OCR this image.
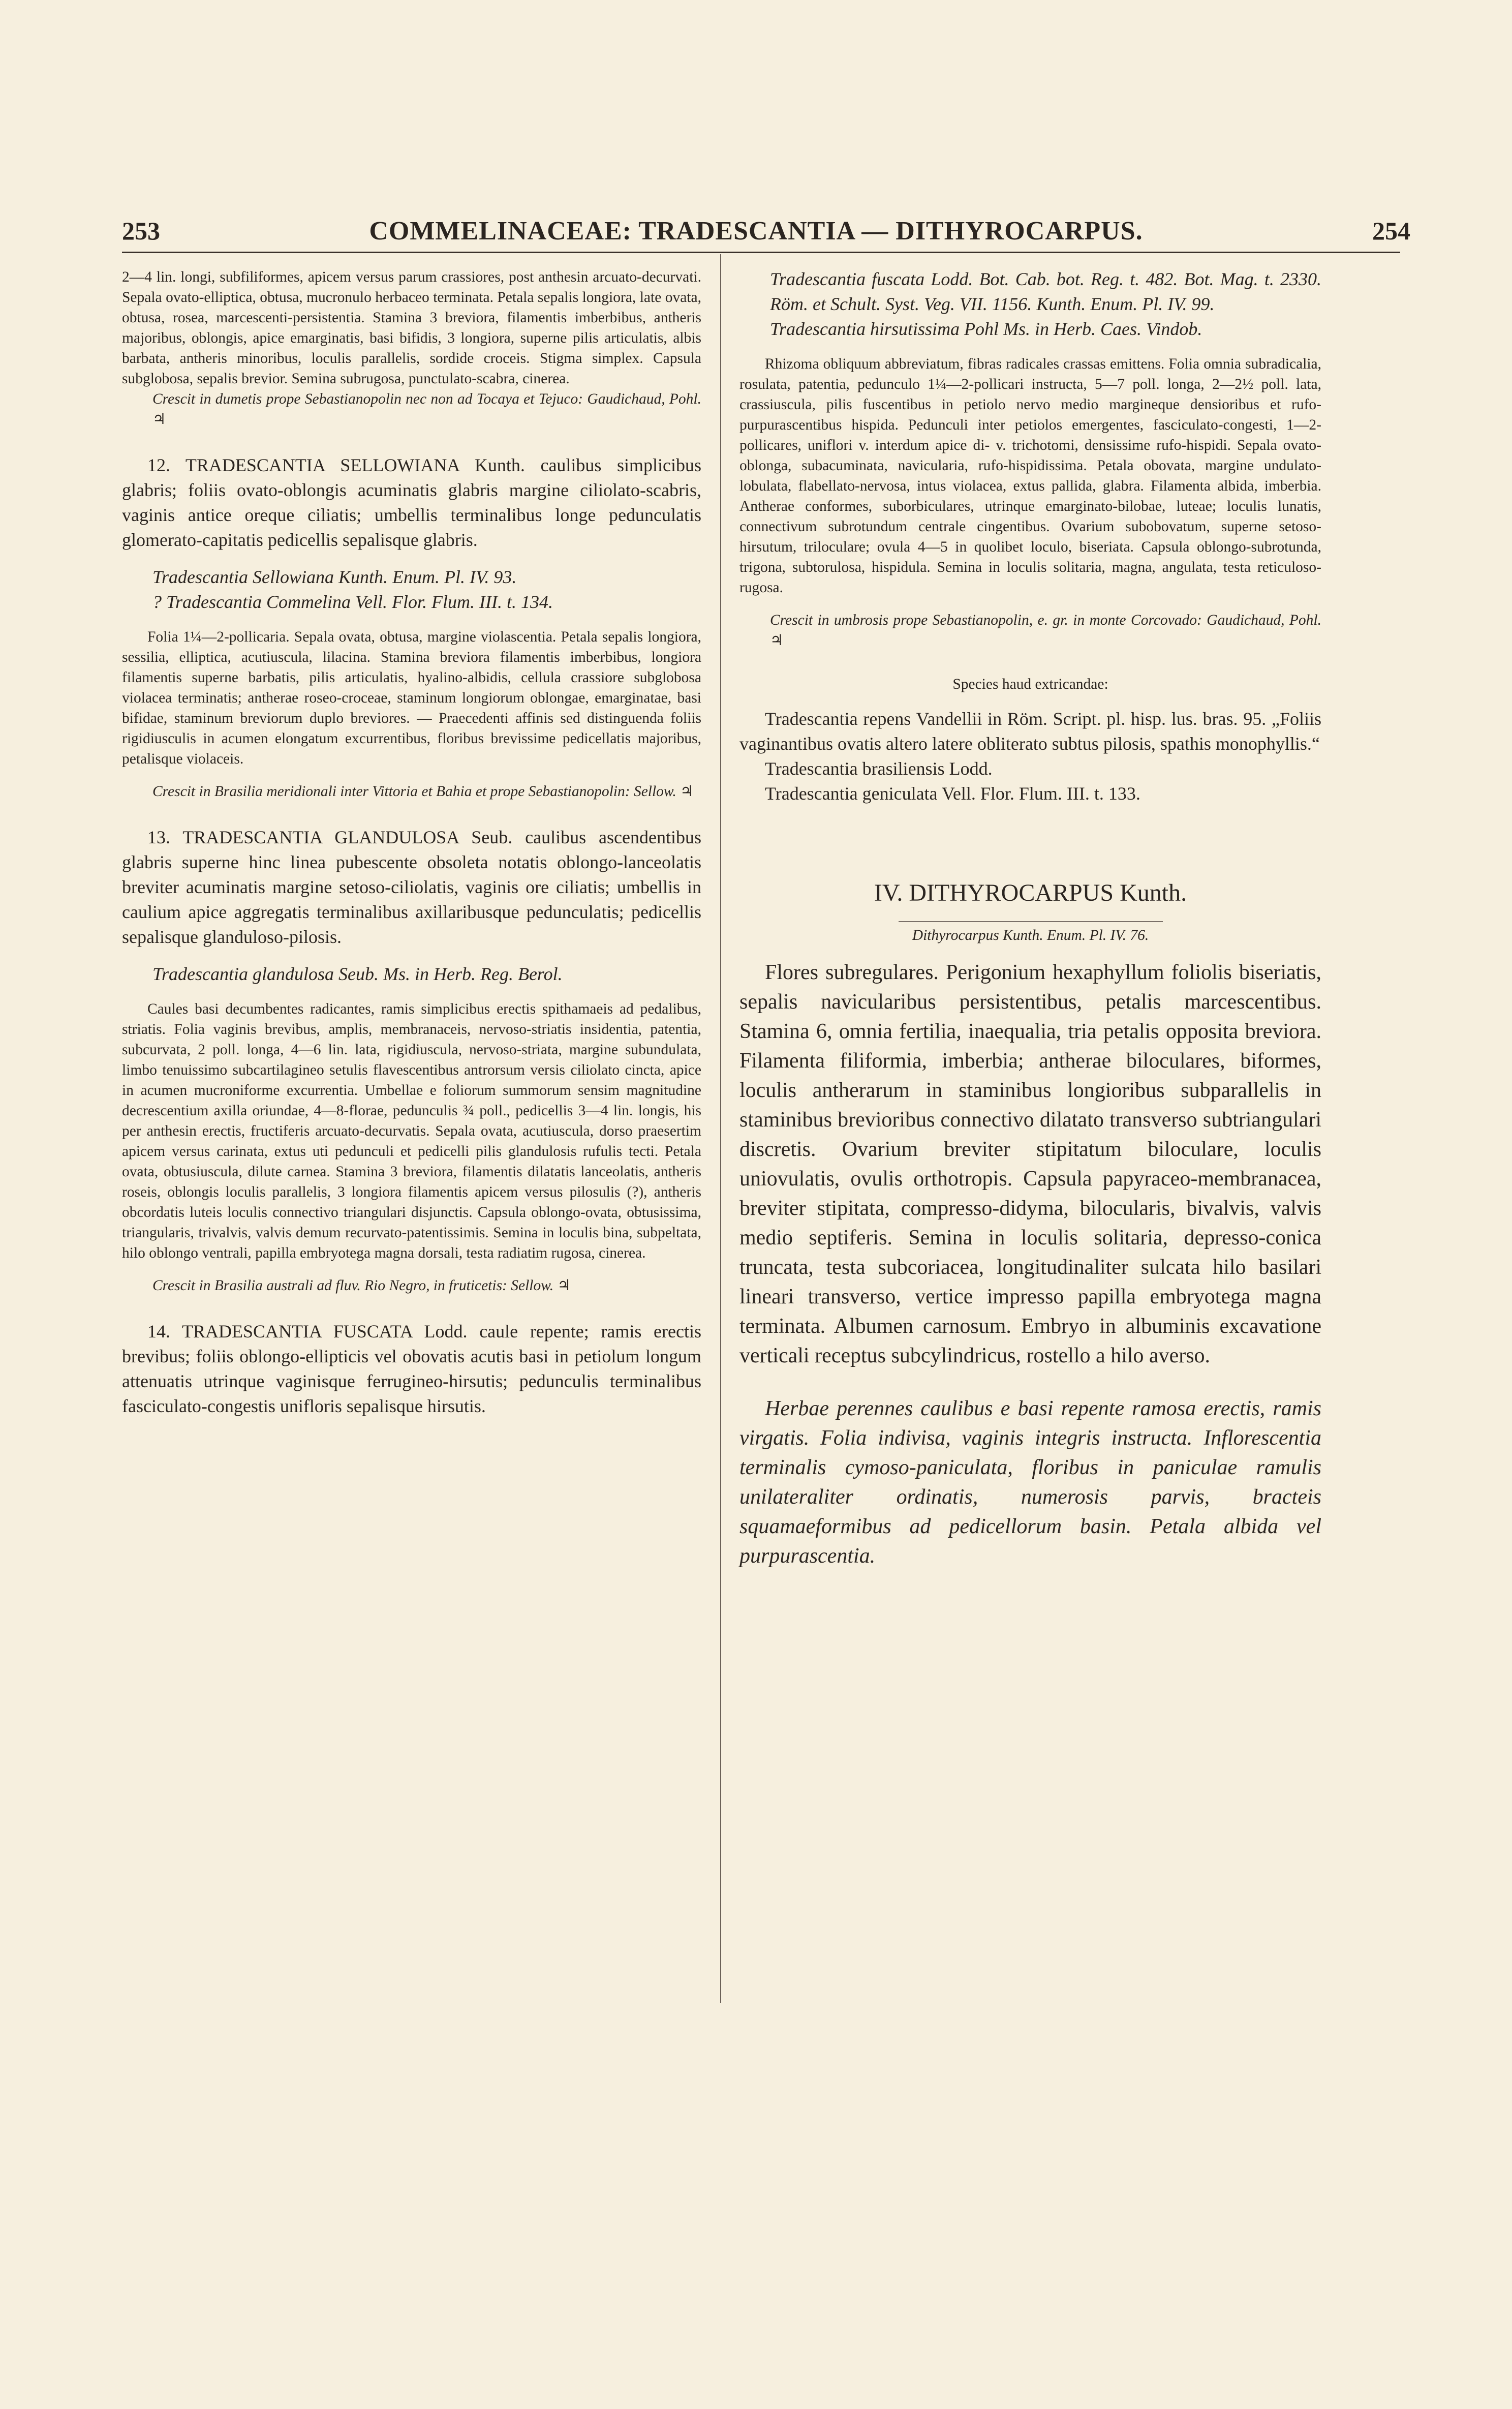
253	COMMELINACEAE: TRADESCANTIA — DITHYROCARPUS.	254

2—4 lin. longi, subfiliformes, apicem versus parum crassiores, post anthesin arcuato-decurvati. Sepala ovato-elliptica, obtusa, mucronulo herbaceo terminata. Petala sepalis longiora, late ovata, obtusa, rosea, marcescenti-persistentia. Stamina 3 breviora, filamentis imberbibus, antheris majoribus, oblongis, apice emarginatis, basi bifidis, 3 longiora, superne pilis articulatis, albis barbata, antheris minoribus, loculis parallelis, sordide croceis. Stigma simplex. Capsula subglobosa, sepalis brevior. Semina subrugosa, punctulato-scabra, cinerea.

Crescit in dumetis prope Sebastianopolin nec non ad Tocaya et Tejuco: Gaudichaud, Pohl. ♃

12. TRADESCANTIA SELLOWIANA Kunth. caulibus simplicibus glabris; foliis ovato-oblongis acuminatis glabris margine ciliolato-scabris, vaginis antice oreque ciliatis; umbellis terminalibus longe pedunculatis glomerato-capitatis pedicellis sepalisque glabris.

Tradescantia Sellowiana Kunth. Enum. Pl. IV. 93.

? Tradescantia Commelina Vell. Flor. Flum. III. t. 134.

Folia 1¼—2-pollicaria. Sepala ovata, obtusa, margine violascentia. Petala sepalis longiora, sessilia, elliptica, acutiuscula, lilacina. Stamina breviora filamentis imberbibus, longiora filamentis superne barbatis, pilis articulatis, hyalino-albidis, cellula crassiore subglobosa violacea terminatis; antherae roseo-croceae, staminum longiorum oblongae, emarginatae, basi bifidae, staminum breviorum duplo breviores. — Praecedenti affinis sed distinguenda foliis rigidiusculis in acumen elongatum excurrentibus, floribus brevissime pedicellatis majoribus, petalisque violaceis.

Crescit in Brasilia meridionali inter Vittoria et Bahia et prope Sebastianopolin: Sellow. ♃

13. TRADESCANTIA GLANDULOSA Seub. caulibus ascendentibus glabris superne hinc linea pubescente obsoleta notatis oblongo-lanceolatis breviter acuminatis margine setoso-ciliolatis, vaginis ore ciliatis; umbellis in caulium apice aggregatis terminalibus axillaribusque pedunculatis; pedicellis sepalisque glanduloso-pilosis.

Tradescantia glandulosa Seub. Ms. in Herb. Reg. Berol.

Caules basi decumbentes radicantes, ramis simplicibus erectis spithamaeis ad pedalibus, striatis. Folia vaginis brevibus, amplis, membranaceis, nervoso-striatis insidentia, patentia, subcurvata, 2 poll. longa, 4—6 lin. lata, rigidiuscula, nervoso-striata, margine subundulata, limbo tenuissimo subcartilagineo setulis flavescentibus antrorsum versis ciliolato cincta, apice in acumen mucroniforme excurrentia. Umbellae e foliorum summorum sensim magnitudine decrescentium axilla oriundae, 4—8-florae, pedunculis ¾ poll., pedicellis 3—4 lin. longis, his per anthesin erectis, fructiferis arcuato-decurvatis. Sepala ovata, acutiuscula, dorso praesertim apicem versus carinata, extus uti pedunculi et pedicelli pilis glandulosis rufulis tecti. Petala ovata, obtusiuscula, dilute carnea. Stamina 3 breviora, filamentis dilatatis lanceolatis, antheris roseis, oblongis loculis parallelis, 3 longiora filamentis apicem versus pilosulis (?), antheris obcordatis luteis loculis connectivo triangulari disjunctis. Capsula oblongo-ovata, obtusissima, triangularis, trivalvis, valvis demum recurvato-patentissimis. Semina in loculis bina, subpeltata, hilo oblongo ventrali, papilla embryotega magna dorsali, testa radiatim rugosa, cinerea.

Crescit in Brasilia australi ad fluv. Rio Negro, in fruticetis: Sellow. ♃

14. TRADESCANTIA FUSCATA Lodd. caule repente; ramis erectis brevibus; foliis oblongo-ellipticis vel obovatis acutis basi in petiolum longum attenuatis utrinque vaginisque ferrugineo-hirsutis; pedunculis terminalibus fasciculato-congestis unifloris sepalisque hirsutis.

Tradescantia fuscata Lodd. Bot. Cab. bot. Reg. t. 482. Bot. Mag. t. 2330. Röm. et Schult. Syst. Veg. VII. 1156. Kunth. Enum. Pl. IV. 99.

Tradescantia hirsutissima Pohl Ms. in Herb. Caes. Vindob.

Rhizoma obliquum abbreviatum, fibras radicales crassas emittens. Folia omnia subradicalia, rosulata, patentia, pedunculo 1¼—2-pollicari instructa, 5—7 poll. longa, 2—2½ poll. lata, crassiuscula, pilis fuscentibus in petiolo nervo medio margineque densioribus et rufo-purpurascentibus hispida. Pedunculi inter petiolos emergentes, fasciculato-congesti, 1—2-pollicares, uniflori v. interdum apice di- v. trichotomi, densissime rufo-hispidi. Sepala ovato-oblonga, subacuminata, navicularia, rufo-hispidissima. Petala obovata, margine undulato-lobulata, flabellato-nervosa, intus violacea, extus pallida, glabra. Filamenta albida, imberbia. Antherae conformes, suborbiculares, utrinque emarginato-bilobae, luteae; loculis lunatis, connectivum subrotundum centrale cingentibus. Ovarium subobovatum, superne setoso-hirsutum, triloculare; ovula 4—5 in quolibet loculo, biseriata. Capsula oblongo-subrotunda, trigona, subtorulosa, hispidula. Semina in loculis solitaria, magna, angulata, testa reticuloso-rugosa.

Crescit in umbrosis prope Sebastianopolin, e. gr. in monte Corcovado: Gaudichaud, Pohl. ♃

Species haud extricandae:

Tradescantia repens Vandellii in Röm. Script. pl. hisp. lus. bras. 95. „Foliis vaginantibus ovatis altero latere obliterato subtus pilosis, spathis monophyllis.“

Tradescantia brasiliensis Lodd.

Tradescantia geniculata Vell. Flor. Flum. III. t. 133.

IV. DITHYROCARPUS Kunth.

Dithyrocarpus Kunth. Enum. Pl. IV. 76.

Flores subregulares. Perigonium hexaphyllum foliolis biseriatis, sepalis navicularibus persistentibus, petalis marcescentibus. Stamina 6, omnia fertilia, inaequalia, tria petalis opposita breviora. Filamenta filiformia, imberbia; antherae biloculares, biformes, loculis antherarum in staminibus longioribus subparallelis in staminibus brevioribus connectivo dilatato transverso subtriangulari discretis. Ovarium breviter stipitatum biloculare, loculis uniovulatis, ovulis orthotropis. Capsula papyraceo-membranacea, breviter stipitata, compresso-didyma, bilocularis, bivalvis, valvis medio septiferis. Semina in loculis solitaria, depresso-conica truncata, testa subcoriacea, longitudinaliter sulcata hilo basilari lineari transverso, vertice impresso papilla embryotega magna terminata. Albumen carnosum. Embryo in albuminis excavatione verticali receptus subcylindricus, rostello a hilo averso.

Herbae perennes caulibus e basi repente ramosa erectis, ramis virgatis. Folia indivisa, vaginis integris instructa. Inflorescentia terminalis cymoso-paniculata, floribus in paniculae ramulis unilateraliter ordinatis, numerosis parvis, bracteis squamaeformibus ad pedicellorum basin. Petala albida vel purpurascentia.
